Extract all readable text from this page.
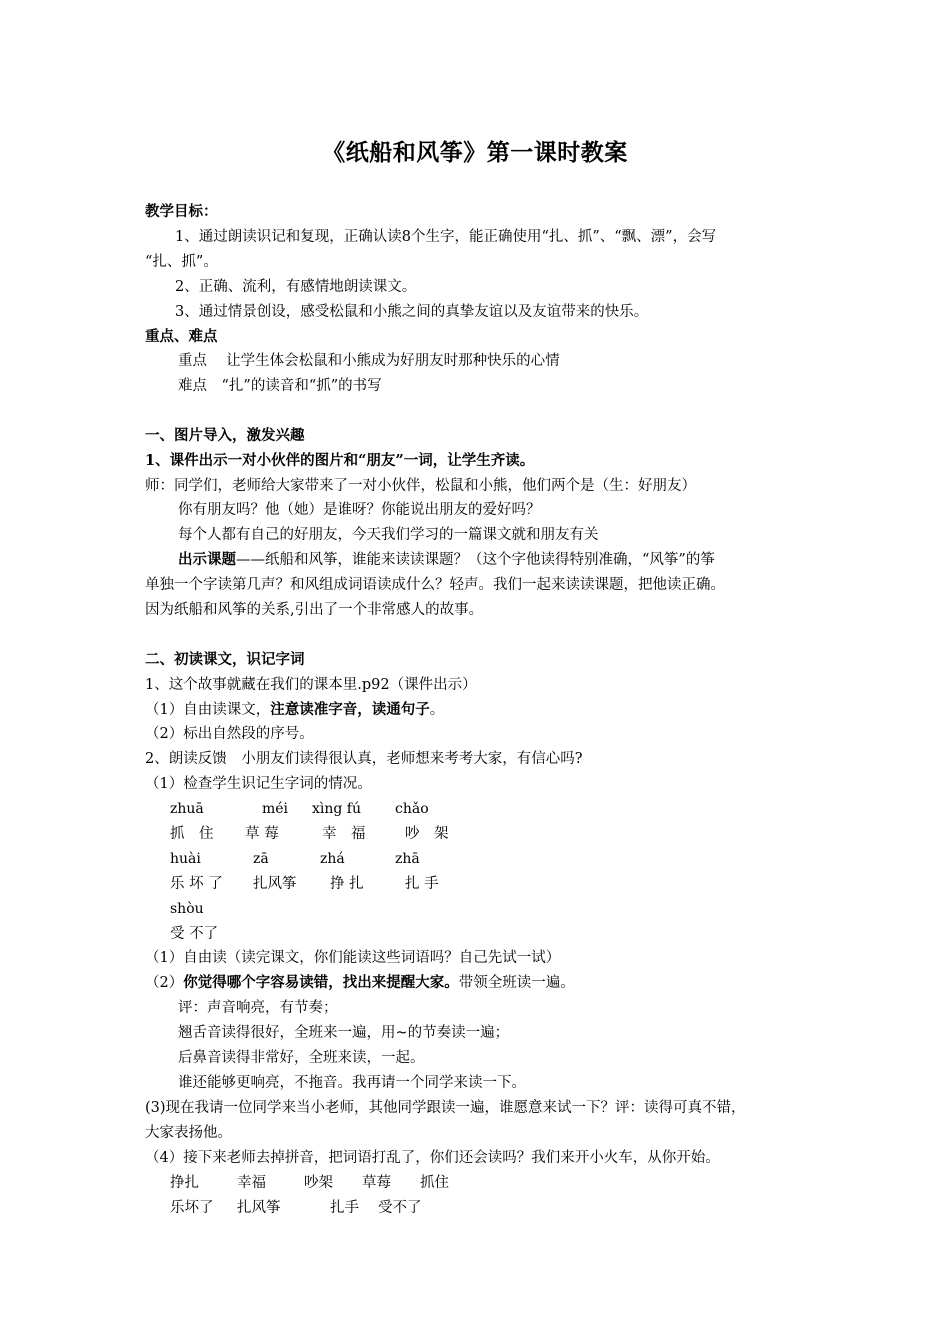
《纸船和风筝》第一课时教案
教学目标：
1、通过朗读识记和复现，正确认读8个生字，能正确使用“扎、抓”、“飘、漂”，会写
“扎、抓”。
2、正确、流利，有感情地朗读课文。
3、通过情景创设，感受松鼠和小熊之间的真挚友谊以及友谊带来的快乐。
重点、难点
重点　 让学生体会松鼠和小熊成为好朋友时那种快乐的心情
难点　“扎”的读音和“抓”的书写
一、图片导入，激发兴趣
1、课件出示一对小伙伴的图片和“朋友”一词，让学生齐读。
师：同学们，老师给大家带来了一对小伙伴，松鼠和小熊，他们两个是（生：好朋友）
你有朋友吗？他（她）是谁呀？你能说出朋友的爱好吗？
每个人都有自己的好朋友，今天我们学习的一篇课文就和朋友有关
出示课题——纸船和风筝，谁能来读读课题？（这个字他读得特别准确，“风筝”的筝
单独一个字读第几声？和风组成词语读成什么？轻声。我们一起来读读课题，把他读正确。
因为纸船和风筝的关系,引出了一个非常感人的故事。
二、初读课文，识记字词
1、这个故事就藏在我们的课本里.p92（课件出示）
（1）自由读课文，注意读准字音，读通句子。
（2）标出自然段的序号。
2、朗读反馈　小朋友们读得很认真，老师想来考考大家，有信心吗?
（1）检查学生识记生字词的情况。
zhuā	méi xìng fú chǎo
抓　住 草 莓	幸　福	吵　架
huài	zā	zhá	zhā
乐 坏 了 扎风筝 挣 扎	扎 手
shòu
受 不了
（1）自由读（读完课文，你们能读这些词语吗？自己先试一试）
（2）你觉得哪个字容易读错，找出来提醒大家。带领全班读一遍。
评：声音响亮，有节奏；
翘舌音读得很好，全班来一遍，用~的节奏读一遍；
后鼻音读得非常好，全班来读，一起。
谁还能够更响亮，不拖音。我再请一个同学来读一下。
(3)现在我请一位同学来当小老师，其他同学跟读一遍，谁愿意来试一下？评：读得可真不错，
大家表扬他。
（4）接下来老师去掉拼音，把词语打乱了，你们还会读吗？我们来开小火车，从你开始。
挣扎	幸福	吵架 草莓 抓住
乐坏了 扎风筝	扎手 受不了
